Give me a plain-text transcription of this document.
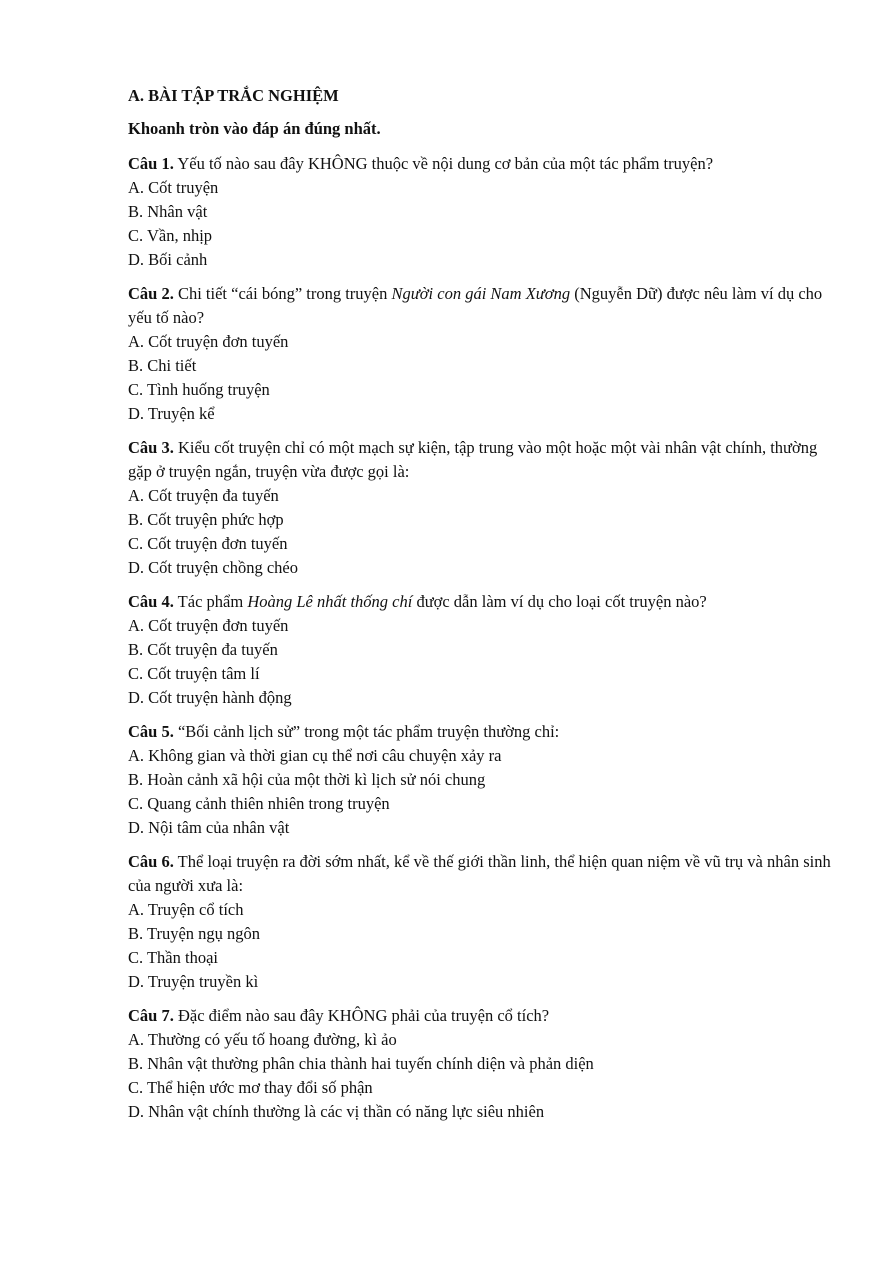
A. BÀI TẬP TRẮC NGHIỆM
Khoanh tròn vào đáp án đúng nhất.

Câu 1. Yếu tố nào sau đây KHÔNG thuộc về nội dung cơ bản của một tác phẩm truyện?

A. Cốt truyện
B. Nhân vật
C. Vần, nhịp
D. Bối cảnh

Câu 2. Chi tiết “cái bóng” trong truyện Người con gái Nam Xương (Nguyễn Dữ) được nêu làm ví dụ cho yếu tố nào?

A. Cốt truyện đơn tuyến
B. Chi tiết
C. Tình huống truyện
D. Truyện kể

Câu 3. Kiểu cốt truyện chỉ có một mạch sự kiện, tập trung vào một hoặc một vài nhân vật chính, thường gặp ở truyện ngắn, truyện vừa được gọi là:

A. Cốt truyện đa tuyến
B. Cốt truyện phức hợp
C. Cốt truyện đơn tuyến
D. Cốt truyện chồng chéo

Câu 4. Tác phẩm Hoàng Lê nhất thống chí được dẫn làm ví dụ cho loại cốt truyện nào?

A. Cốt truyện đơn tuyến
B. Cốt truyện đa tuyến
C. Cốt truyện tâm lí
D. Cốt truyện hành động

Câu 5. “Bối cảnh lịch sử” trong một tác phẩm truyện thường chỉ:

A. Không gian và thời gian cụ thể nơi câu chuyện xảy ra
B. Hoàn cảnh xã hội của một thời kì lịch sử nói chung
C. Quang cảnh thiên nhiên trong truyện
D. Nội tâm của nhân vật

Câu 6. Thể loại truyện ra đời sớm nhất, kể về thế giới thần linh, thể hiện quan niệm về vũ trụ và nhân sinh của người xưa là:

A. Truyện cổ tích
B. Truyện ngụ ngôn
C. Thần thoại
D. Truyện truyền kì

Câu 7. Đặc điểm nào sau đây KHÔNG phải của truyện cổ tích?

A. Thường có yếu tố hoang đường, kì ảo
B. Nhân vật thường phân chia thành hai tuyến chính diện và phản diện
C. Thể hiện ước mơ thay đổi số phận
D. Nhân vật chính thường là các vị thần có năng lực siêu nhiên
